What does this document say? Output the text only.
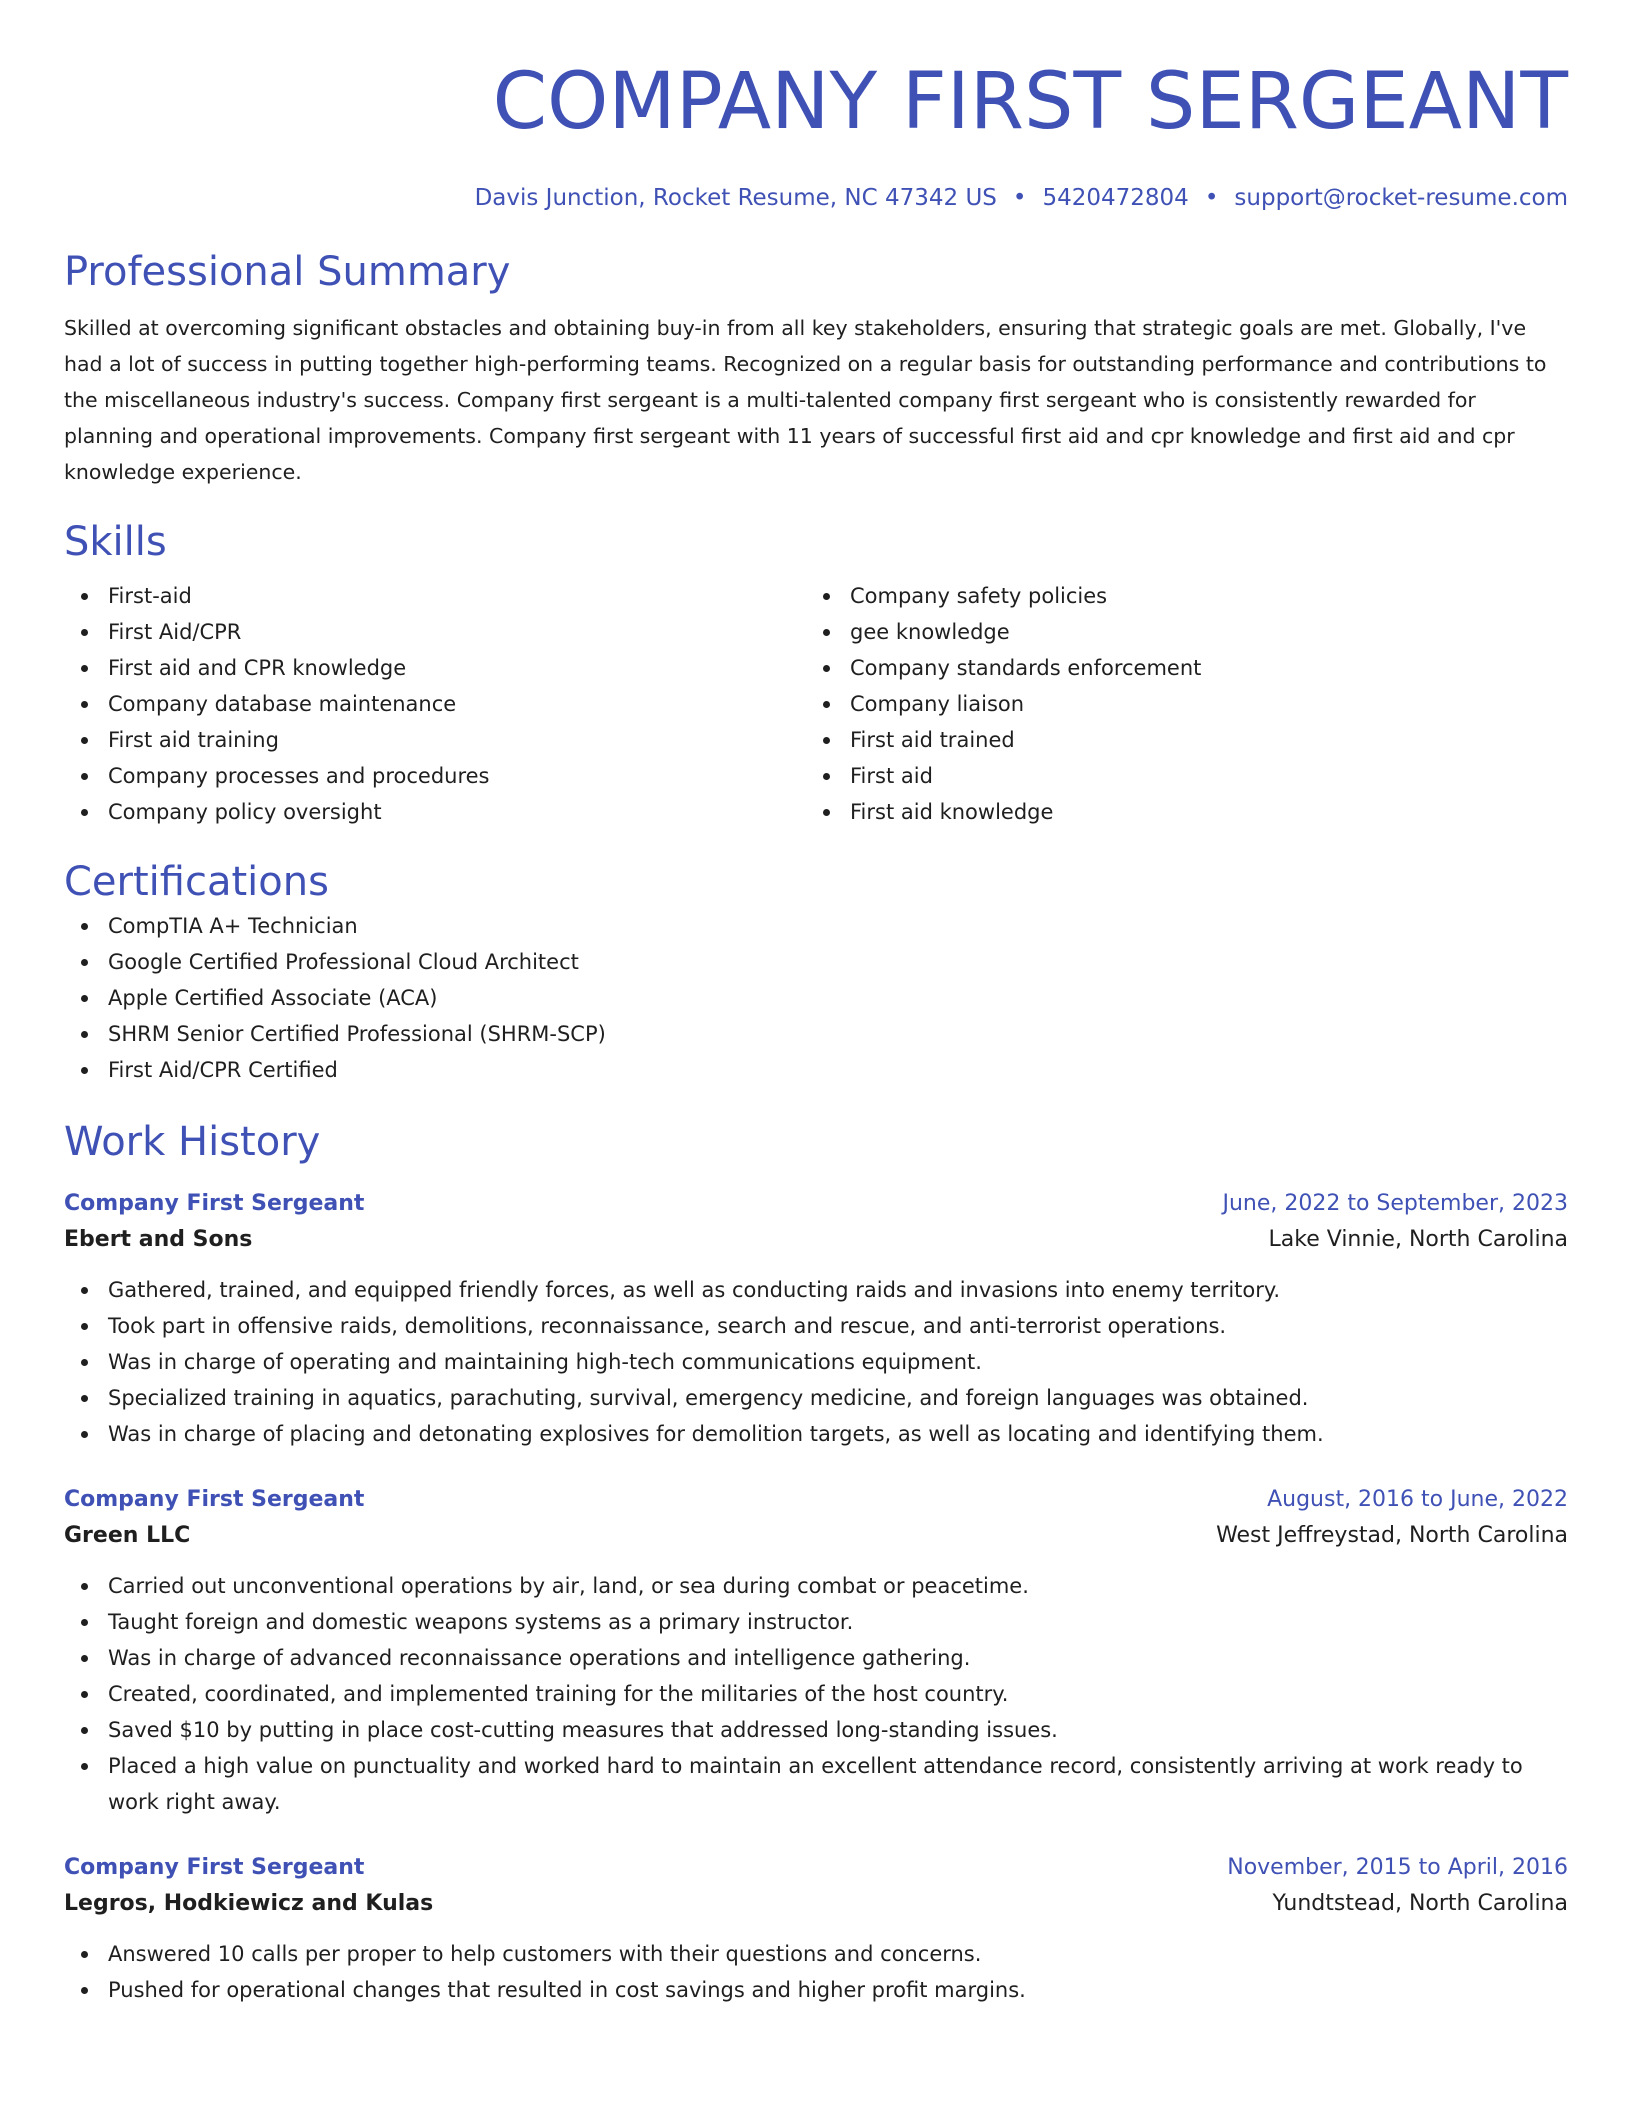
COMPANY FIRST SERGEANT
Davis Junction, Rocket Resume, NC 47342 US • 5420472804 • support@rocket-resume.com
Professional Summary

Skilled at overcoming significant obstacles and obtaining buy-in from all key stakeholders, ensuring that strategic goals are met. Globally, I've had a lot of success in putting together high-performing teams. Recognized on a regular basis for outstanding performance and contributions to the miscellaneous industry's success. Company first sergeant is a multi-talented company first sergeant who is consistently rewarded for planning and operational improvements. Company first sergeant with 11 years of successful first aid and cpr knowledge and first aid and cpr knowledge experience.

Skills
First-aid
First Aid/CPR
First aid and CPR knowledge
Company database maintenance
First aid training
Company processes and procedures
Company policy oversight
Company safety policies
gee knowledge
Company standards enforcement
Company liaison
First aid trained
First aid
First aid knowledge
Certifications
CompTIA A+ Technician
Google Certified Professional Cloud Architect
Apple Certified Associate (ACA)
SHRM Senior Certified Professional (SHRM-SCP)
First Aid/CPR Certified
Work History
Company First Sergeant	June, 2022 to September, 2023
Ebert and Sons	Lake Vinnie, North Carolina
Gathered, trained, and equipped friendly forces, as well as conducting raids and invasions into enemy territory.
Took part in offensive raids, demolitions, reconnaissance, search and rescue, and anti-terrorist operations.
Was in charge of operating and maintaining high-tech communications equipment.
Specialized training in aquatics, parachuting, survival, emergency medicine, and foreign languages was obtained.
Was in charge of placing and detonating explosives for demolition targets, as well as locating and identifying them.
Company First Sergeant	August, 2016 to June, 2022
Green LLC	West Jeffreystad, North Carolina
Carried out unconventional operations by air, land, or sea during combat or peacetime.
Taught foreign and domestic weapons systems as a primary instructor.
Was in charge of advanced reconnaissance operations and intelligence gathering.
Created, coordinated, and implemented training for the militaries of the host country.
Saved $10 by putting in place cost-cutting measures that addressed long-standing issues.
Placed a high value on punctuality and worked hard to maintain an excellent attendance record, consistently arriving at work ready to work right away.
Company First Sergeant	November, 2015 to April, 2016
Legros, Hodkiewicz and Kulas	Yundtstead, North Carolina
Answered 10 calls per proper to help customers with their questions and concerns.
Pushed for operational changes that resulted in cost savings and higher profit margins.
